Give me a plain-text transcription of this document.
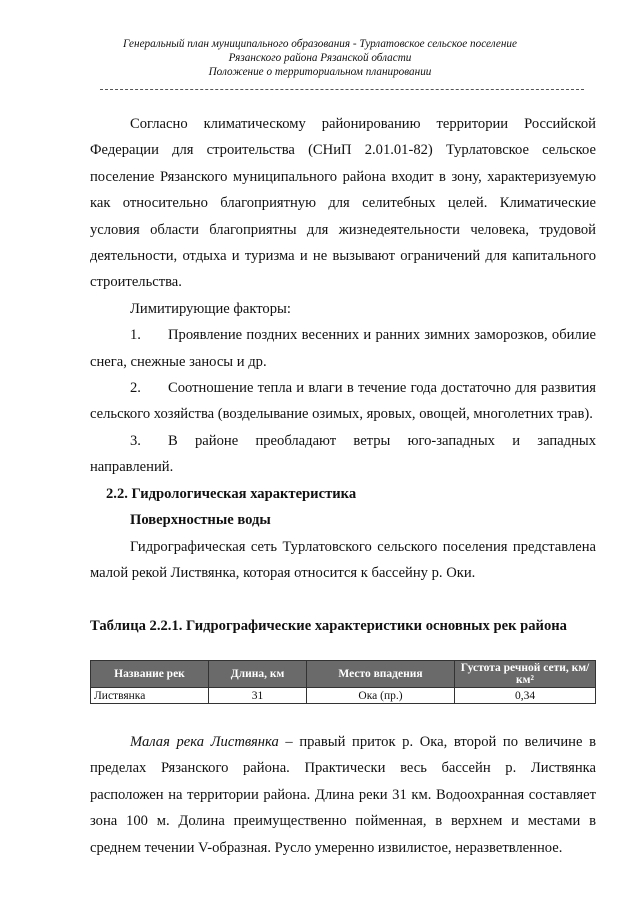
Генеральный план муниципального образования - Турлатовское сельское поселение
Рязанского района Рязанской области
Положение о территориальном планировании

Согласно климатическому районированию территории Российской Федерации для строительства (СНиП 2.01.01-82) Турлатовское сельское поселение Рязанского муниципального района входит в зону, характеризуемую как относительно благоприятную для селитебных целей. Климатические условия области благоприятны для жизнедеятельности человека, трудовой деятельности, отдыха и туризма и не вызывают ограничений для капитального строительства.

Лимитирующие факторы:

1. Проявление поздних весенних и ранних зимних заморозков, обилие снега, снежные заносы и др.

2. Соотношение тепла и влаги в течение года достаточно для развития сельского хозяйства (возделывание озимых, яровых, овощей, многолетних трав).

3. В районе преобладают ветры юго-западных и западных направлений.

2.2. Гидрологическая характеристика

Поверхностные воды

Гидрографическая сеть Турлатовского сельского поселения представлена малой рекой Листвянка, которая относится к бассейну р. Оки.

Таблица 2.2.1. Гидрографические характеристики основных рек района
Название рек	Длина, км	Место впадения	Густота речной сети, км/км²
Листвянка	31	Ока (пр.)	0,34

Малая река Листвянка – правый приток р. Ока, второй по величине в пределах Рязанского района. Практически весь бассейн р. Листвянка расположен на территории района. Длина реки 31 км. Водоохранная составляет зона 100 м. Долина преимущественно пойменная, в верхнем и местами в среднем течении V-образная. Русло умеренно извилистое, неразветвленное.
